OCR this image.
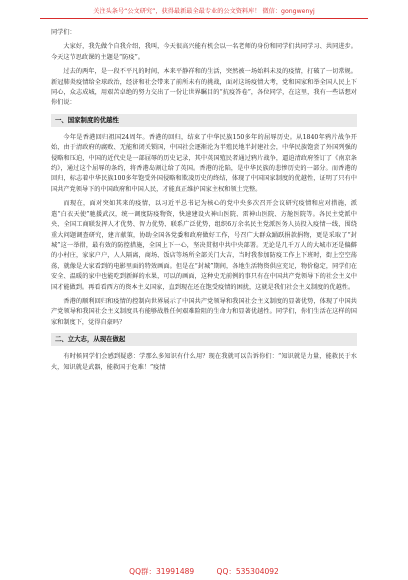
关注头条号“公文研究”，获得最新最全最专业的公文资料库！ 微信：gongwenyj

同学们：

大家好，我先做个自我介绍，我叫，今天很高兴能有机会以一名老师的身份和同学们共同学习、共同进步。今天这节思政课的主题是“防疫”。

过去的两年，是一段不平凡的时间，本来平静祥和的生活，突然被一场始料未及的疫情，打破了一切常规。新冠肺炎疫情给全球政治，经济和社会带来了前所未有的挑战，面对这场疫情大考，党和国家和举全国人民上下同心，众志成城，用艰苦卓绝的努力交出了一份让世界瞩目的“抗疫答卷”，各位同学，在这里，我有一些话想对你们说：

一、国家制度的优越性

今年是香港回归祖国24周年。香港的回归，结束了中华民族150多年的屈辱历史。从1840年鸦片战争开始，由于清政府的腐败、无能和闭关锁国，中国社会逐渐沦为半殖民地半封建社会，中华民族饱尝了外国列强的侵略和压迫，中国的近代史是一部屈辱的历史记录，其中英国殖民者通过鸦片战争，逼迫清政府签订了《南京条约》，通过这个屈辱的条约，将香港岛割让给了英国。香港的沦陷，是中华民族的悲惨历史的一部分。而香港的回归，标志着中华民族100多年饱受外国侵略和欺凌历史的终结，体现了中国国家制度的优越性，证明了只有中国共产党领导下的中国政府和中国人民，才能真正维护国家主权和领土完整。

而现在，面对突如其来的疫情，以习近平总书记为核心的党中央多次召开会议研究疫情和应对措施，派遣“白衣天使”驰援武汉，统一调度防疫物资，快速建设火神山医院、雷神山医院、方舱医院等。各民主党派中央、全国工商联发挥人才优势、智力优势、联系广泛优势，组织6万余名民主党派医务人员投入疫情一线，围绕重大问题调查研究，建言献策，协助全国各党委和政府做好工作，号召广大群众踊跃捐款捐物，更是采取了“封城”这一举措，最有效的防控措施，全国上下一心，坚决贯彻中共中央部署。无论是几千万人的大城市还是偏僻的小村庄，家家户户，人人隔离，商场、饭店等场所全部关门大吉，当时我参加防疫工作上下班时，街上空空荡荡，就像是大家看到的电影里面的特效画面。但是在“封城”期间，各地生活物资供应充足，物价稳定，同学们在安全、温暖的家中也能吃到新鲜的水果，可以的画面，这种史无前例的事只有在中国共产党领导下的社会主义中国才能做到。再看看西方的资本主义国家，直到现在还在饱受疫情的困扰，这就是我们社会主义制度的优越性。

香港的顺利回归和疫情的控制向世界展示了中国共产党领导和我国社会主义制度的显著优势，体现了中国共产党领导和我国社会主义制度具有能够战胜任何艰难险阻的生命力和显著优越性。同学们，你们生活在这样的国家和制度下，觉得自豪吗？

二、立大志，从现在做起

有时候同学们会感到疑惑：学那么多知识有什么用？现在我就可以告诉你们：“知识就是力量，能救民于水火，知识就是武器，能救国于危难！”疫情

QQ群：31991489	QQ：535304092
